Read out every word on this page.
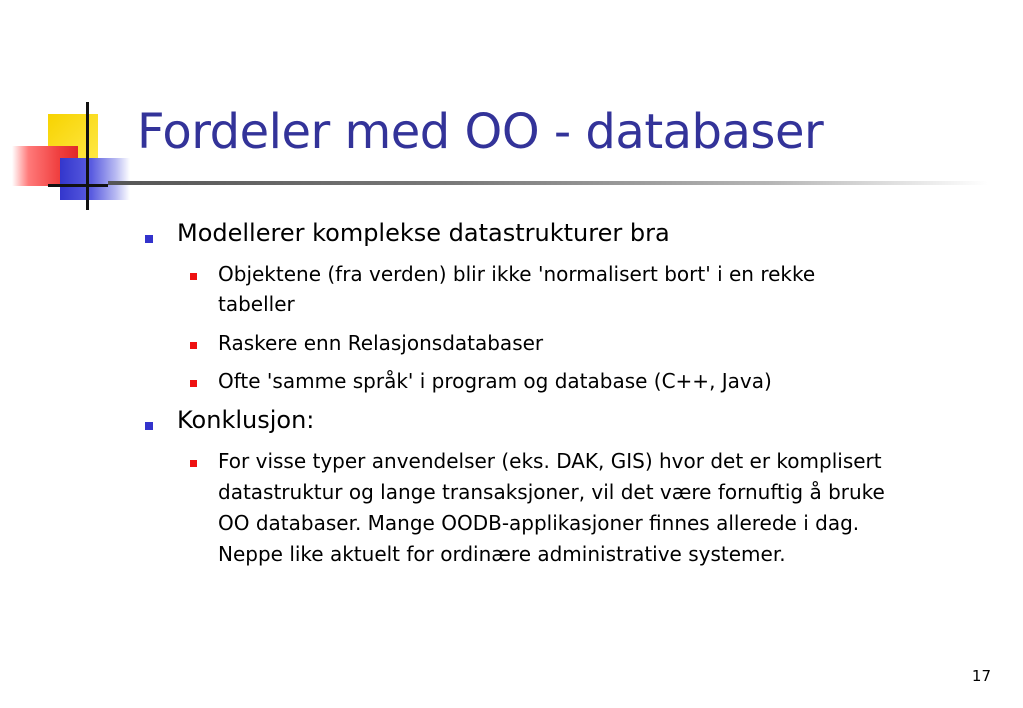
Fordeler med OO - databaser
Modellerer komplekse datastrukturer bra
Objektene (fra verden) blir ikke 'normalisert bort' i en rekke
tabeller
Raskere enn Relasjonsdatabaser
Ofte 'samme språk' i program og database (C++, Java)
Konklusjon:
For visse typer anvendelser (eks. DAK, GIS) hvor det er komplisert
datastruktur og lange transaksjoner, vil det være fornuftig å bruke
OO databaser. Mange OODB-applikasjoner finnes allerede i dag.
Neppe like aktuelt for ordinære administrative systemer.
17
